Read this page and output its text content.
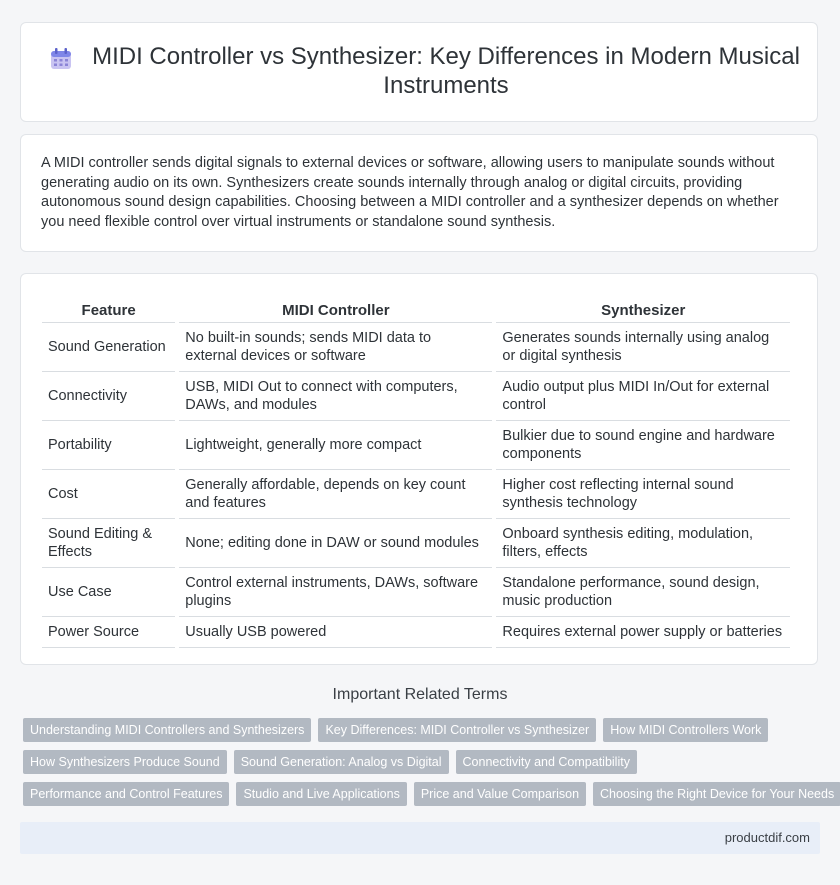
MIDI Controller vs Synthesizer: Key Differences in Modern Musical Instruments

A MIDI controller sends digital signals to external devices or software, allowing users to manipulate sounds without generating audio on its own. Synthesizers create sounds internally through analog or digital circuits, providing autonomous sound design capabilities. Choosing between a MIDI controller and a synthesizer depends on whether you need flexible control over virtual instruments or standalone sound synthesis.

Feature	MIDI Controller	Synthesizer
Sound Generation	No built-in sounds; sends MIDI data to external devices or software	Generates sounds internally using analog or digital synthesis
Connectivity	USB, MIDI Out to connect with computers, DAWs, and modules	Audio output plus MIDI In/Out for external control
Portability	Lightweight, generally more compact	Bulkier due to sound engine and hardware components
Cost	Generally affordable, depends on key count and features	Higher cost reflecting internal sound synthesis technology
Sound Editing & Effects	None; editing done in DAW or sound modules	Onboard synthesis editing, modulation, filters, effects
Use Case	Control external instruments, DAWs, software plugins	Standalone performance, sound design, music production
Power Source	Usually USB powered	Requires external power supply or batteries
Important Related Terms
Understanding MIDI Controllers and Synthesizers	Key Differences: MIDI Controller vs Synthesizer	How MIDI Controllers Work
How Synthesizers Produce Sound	Sound Generation: Analog vs Digital	Connectivity and Compatibility
Performance and Control Features	Studio and Live Applications	Price and Value Comparison	Choosing the Right Device for Your Needs
productdif.com
